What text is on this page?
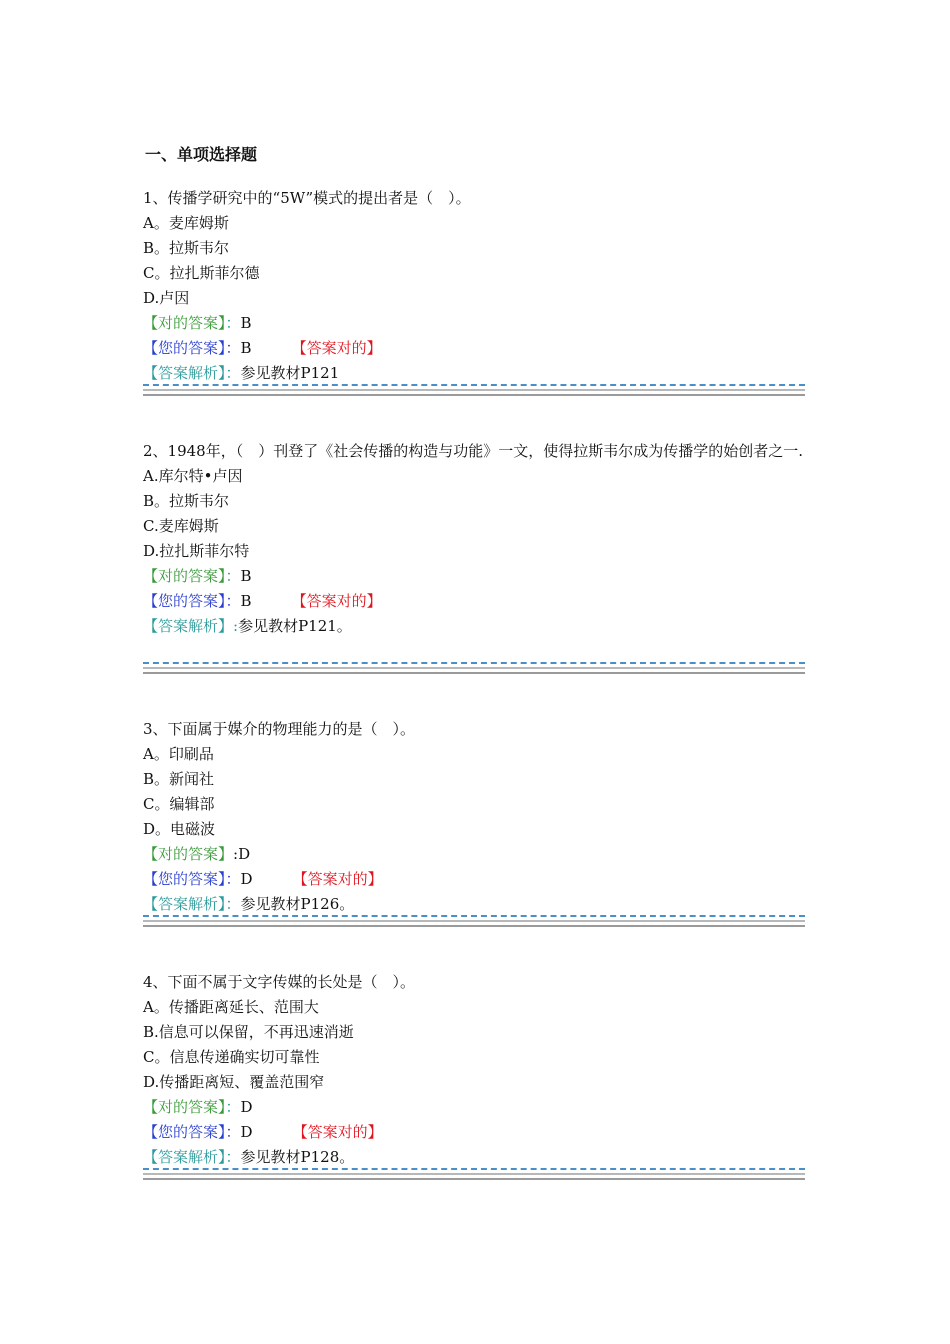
一、单项选择题
1、传播学研究中的“5W”模式的提出者是（　）。
A。麦库姆斯
B。拉斯韦尔
C。拉扎斯菲尔德
D.卢因
【对的答案】：B
【您的答案】：B	【答案对的】
【答案解析】：参见教材P121
2、1948年，（　）刊登了《社会传播的构造与功能》一文，使得拉斯韦尔成为传播学的始创者之一.
A.库尔特•卢因
B。拉斯韦尔
C.麦库姆斯
D.拉扎斯菲尔特
【对的答案】：B
【您的答案】：B	【答案对的】
【答案解析】:参见教材P121。
3、下面属于媒介的物理能力的是（　）。
A。印刷品
B。新闻社
C。编辑部
D。电磁波
【对的答案】:D
【您的答案】：D	【答案对的】
【答案解析】：参见教材P126。
4、下面不属于文字传媒的长处是（　）。
A。传播距离延长、范围大
B.信息可以保留，不再迅速消逝
C。信息传递确实切可靠性
D.传播距离短、覆盖范围窄
【对的答案】：D
【您的答案】：D	【答案对的】
【答案解析】：参见教材P128。
